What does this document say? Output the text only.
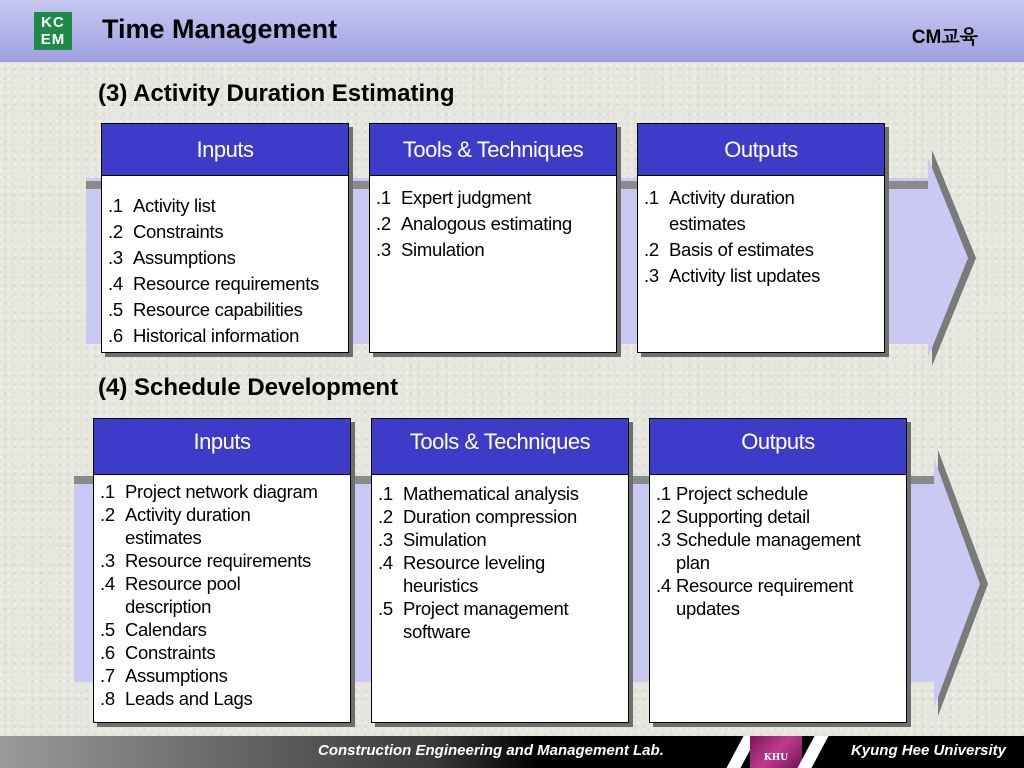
KC
EM Time Management	CM교육
(3) Activity Duration Estimating
Inputs
.1 Activity list
.2 Constraints
.3 Assumptions
.4 Resource requirements
.5 Resource capabilities
.6 Historical information
Tools & Techniques
.1 Expert judgment
.2 Analogous estimating
.3 Simulation
Outputs
.1 Activity duration
estimates
.2 Basis of estimates
.3 Activity list updates
(4) Schedule Development
Inputs
.1 Project network diagram
.2 Activity duration
estimates
.3 Resource requirements
.4 Resource pool
description
.5 Calendars
.6 Constraints
.7 Assumptions
.8 Leads and Lags
Tools & Techniques
.1 Mathematical analysis
.2 Duration compression
.3 Simulation
.4 Resource leveling
heuristics
.5 Project management
software
Outputs
.1 Project schedule
.2 Supporting detail
.3 Schedule management
plan
.4 Resource requirement
updates
Construction Engineering and Management Lab.	KHU	Kyung Hee University
